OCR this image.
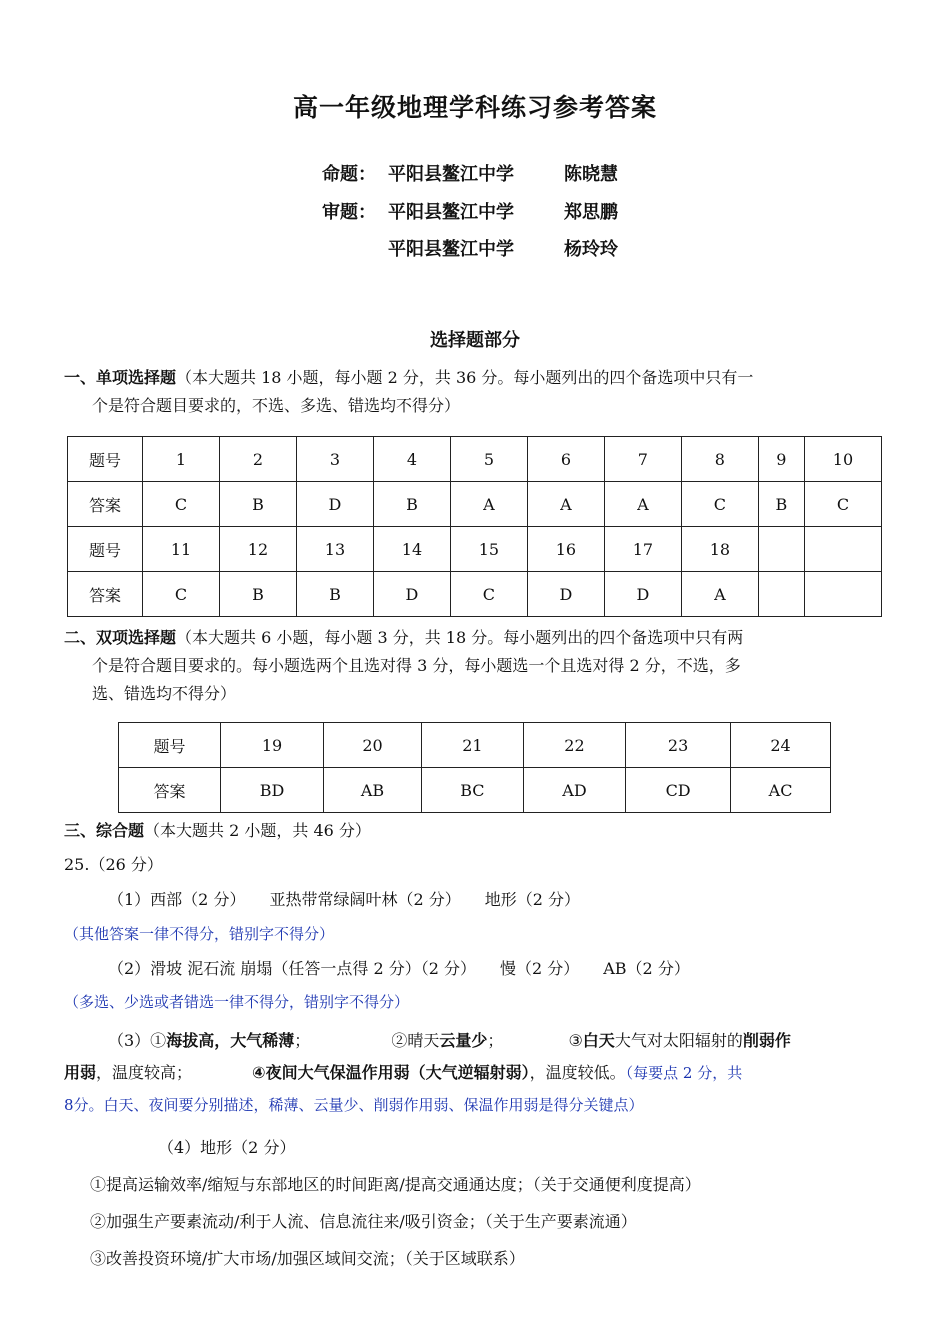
高一年级地理学科练习参考答案
命题： 平阳县鳌江中学	陈晓慧
审题： 平阳县鳌江中学	郑思鹏
平阳县鳌江中学	杨玲玲
选择题部分
一、单项选择题（本大题共 18 小题，每小题 2 分，共 36 分。每小题列出的四个备选项中只有一
个是符合题目要求的，不选、多选、错选均不得分）
题号	1	2	3	4	5	6	7	8	9	10
答案	C	B	D	B	A	A	A	C	B	C
题号	11	12	13	14	15	16	17	18		
答案	C	B	B	D	C	D	D	A		
二、双项选择题（本大题共 6 小题，每小题 3 分，共 18 分。每小题列出的四个备选项中只有两
个是符合题目要求的。每小题选两个且选对得 3 分，每小题选一个且选对得 2 分，不选，多
选、错选均不得分）
题号	19	20	21	22	23	24
答案	BD	AB	BC	AD	CD	AC
三、综合题（本大题共 2 小题，共 46 分）
25.（26 分）
（1）西部（2 分）　　亚热带常绿阔叶林（2 分）　　地形（2 分）
（其他答案一律不得分，错别字不得分）
（2）滑坡 泥石流 崩塌（任答一点得 2 分）（2 分）　　慢（2 分）　　AB（2 分）
（多选、少选或者错选一律不得分，错别字不得分）
（3）①海拔高，大气稀薄；	②晴天云量少；	③白天大气对太阳辐射的削弱作
用弱，温度较高；	④夜间大气保温作用弱（大气逆辐射弱），温度较低。（每要点 2 分，共
8分。白天、夜间要分别描述，稀薄、云量少、削弱作用弱、保温作用弱是得分关键点）
（4）地形（2 分）
①提高运输效率/缩短与东部地区的时间距离/提高交通通达度；（关于交通便利度提高）
②加强生产要素流动/利于人流、信息流往来/吸引资金；（关于生产要素流通）
③改善投资环境/扩大市场/加强区域间交流；（关于区域联系）
